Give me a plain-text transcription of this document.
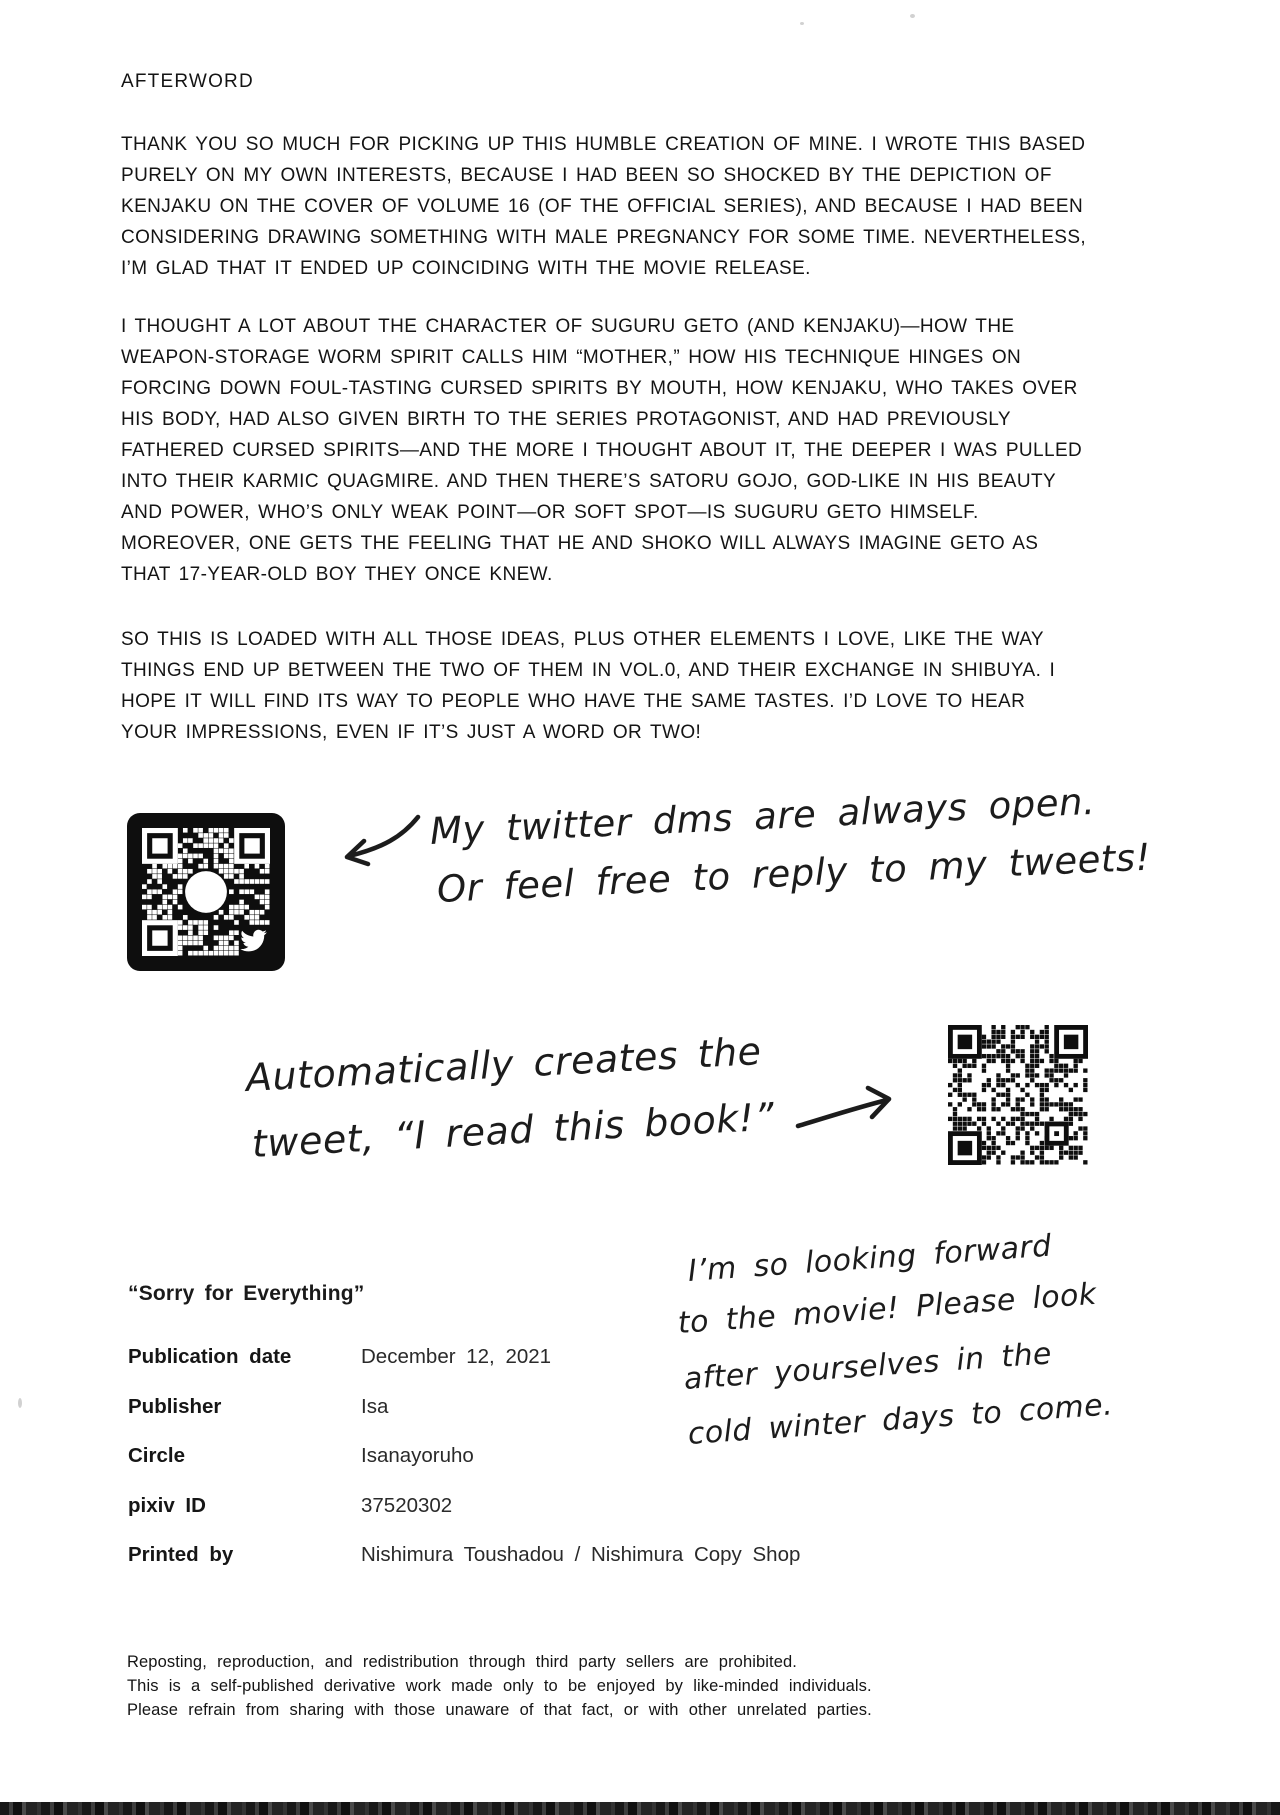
AFTERWORD
THANK YOU SO MUCH FOR PICKING UP THIS HUMBLE CREATION OF MINE. I WROTE THIS BASED
PURELY ON MY OWN INTERESTS, BECAUSE I HAD BEEN SO SHOCKED BY THE DEPICTION OF
KENJAKU ON THE COVER OF VOLUME 16 (OF THE OFFICIAL SERIES), AND BECAUSE I HAD BEEN
CONSIDERING DRAWING SOMETHING WITH MALE PREGNANCY FOR SOME TIME. NEVERTHELESS,
I’M GLAD THAT IT ENDED UP COINCIDING WITH THE MOVIE RELEASE.
I THOUGHT A LOT ABOUT THE CHARACTER OF SUGURU GETO (AND KENJAKU)—HOW THE
WEAPON-STORAGE WORM SPIRIT CALLS HIM “MOTHER,” HOW HIS TECHNIQUE HINGES ON
FORCING DOWN FOUL-TASTING CURSED SPIRITS BY MOUTH, HOW KENJAKU, WHO TAKES OVER
HIS BODY, HAD ALSO GIVEN BIRTH TO THE SERIES PROTAGONIST, AND HAD PREVIOUSLY
FATHERED CURSED SPIRITS—AND THE MORE I THOUGHT ABOUT IT, THE DEEPER I WAS PULLED
INTO THEIR KARMIC QUAGMIRE. AND THEN THERE’S SATORU GOJO, GOD-LIKE IN HIS BEAUTY
AND POWER, WHO’S ONLY WEAK POINT—OR SOFT SPOT—IS SUGURU GETO HIMSELF.
MOREOVER, ONE GETS THE FEELING THAT HE AND SHOKO WILL ALWAYS IMAGINE GETO AS
THAT 17-YEAR-OLD BOY THEY ONCE KNEW.
SO THIS IS LOADED WITH ALL THOSE IDEAS, PLUS OTHER ELEMENTS I LOVE, LIKE THE WAY
THINGS END UP BETWEEN THE TWO OF THEM IN VOL.0, AND THEIR EXCHANGE IN SHIBUYA. I
HOPE IT WILL FIND ITS WAY TO PEOPLE WHO HAVE THE SAME TASTES. I’D LOVE TO HEAR
YOUR IMPRESSIONS, EVEN IF IT’S JUST A WORD OR TWO!
My twitter dms are always open.
Or feel free to reply to my tweets!
Automatically creates the
tweet, “I read this book!”
“Sorry for Everything”
Publication date	December 12, 2021
Publisher	Isa
Circle	Isanayoruho
pixiv ID	37520302
Printed by	Nishimura Toushadou / Nishimura Copy Shop
I’m so looking forward
to the movie! Please look
after yourselves in the
cold winter days to come.
Reposting, reproduction, and redistribution through third party sellers are prohibited.
This is a self-published derivative work made only to be enjoyed by like-minded individuals.
Please refrain from sharing with those unaware of that fact, or with other unrelated parties.
